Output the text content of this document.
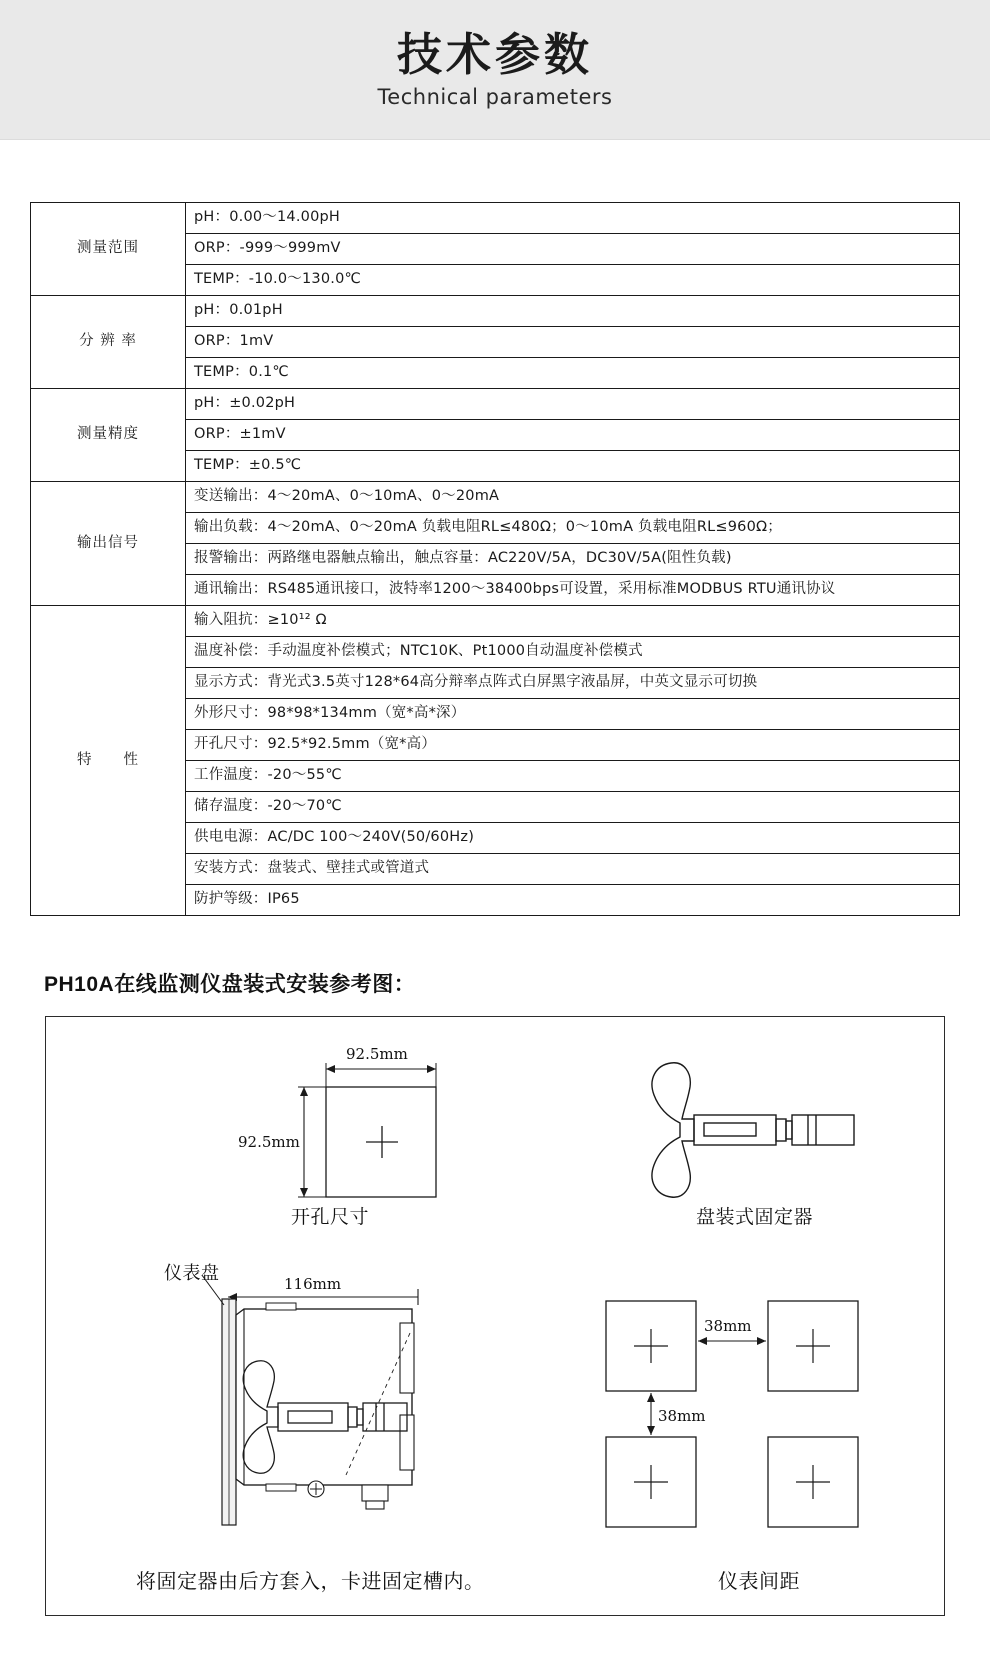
技术参数
Technical parameters
测量范围	pH：0.00～14.00pH
	ORP：-999～999mV
	TEMP：-10.0～130.0℃
分 辨 率	pH：0.01pH
	ORP：1mV
	TEMP：0.1℃
测量精度	pH：±0.02pH
	ORP：±1mV
	TEMP：±0.5℃
输出信号	变送输出：4～20mA、0～10mA、0～20mA
	输出负载：4～20mA、0～20mA 负载电阻RL≤480Ω；0～10mA 负载电阻RL≤960Ω；
	报警输出：两路继电器触点输出，触点容量：AC220V/5A，DC30V/5A(阻性负载)
	通讯输出：RS485通讯接口，波特率1200～38400bps可设置，采用标准MODBUS RTU通讯协议
特　　性	输入阻抗：≥10¹² Ω
	温度补偿：手动温度补偿模式；NTC10K、Pt1000自动温度补偿模式
	显示方式：背光式3.5英寸128*64高分辩率点阵式白屏黑字液晶屏，中英文显示可切换
	外形尺寸：98*98*134mm（宽*高*深）
	开孔尺寸：92.5*92.5mm（宽*高）
	工作温度：-20～55℃
	储存温度：-20～70℃
	供电电源：AC/DC 100～240V(50/60Hz)
	安装方式：盘装式、壁挂式或管道式
	防护等级：IP65
PH10A在线监测仪盘装式安装参考图：
92.5mm
92.5mm
开孔尺寸	盘装式固定器
仪表盘
116mm
将固定器由后方套入，卡进固定槽内。
38mm
38mm
仪表间距
